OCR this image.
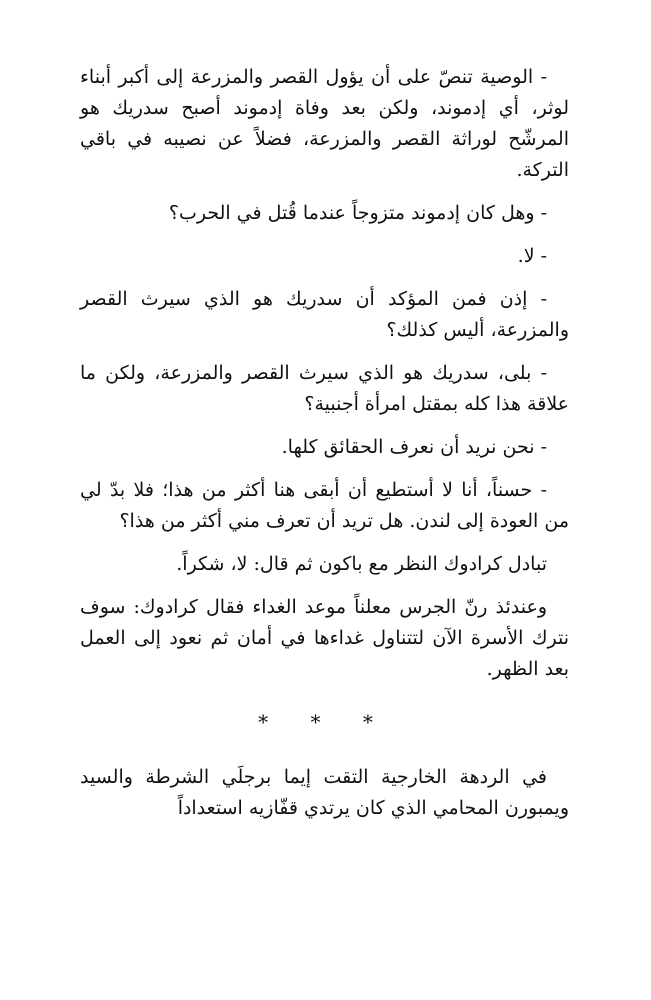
- الوصية تنصّ على أن يؤول القصر والمزرعة إلى أكبر أبناء لوثر، أي إدموند، ولكن بعد وفاة إدموند أصبح سدريك هو المرشّح لوراثة القصر والمزرعة، فضلاً عن نصيبه في باقي التركة.

- وهل كان إدموند متزوجاً عندما قُتل في الحرب؟

- لا.

- إذن فمن المؤكد أن سدريك هو الذي سيرث القصر والمزرعة، أليس كذلك؟

- بلى، سدريك هو الذي سيرث القصر والمزرعة، ولكن ما علاقة هذا كله بمقتل امرأة أجنبية؟

- نحن نريد أن نعرف الحقائق كلها.

- حسناً، أنا لا أستطيع أن أبقى هنا أكثر من هذا؛ فلا بدّ لي من العودة إلى لندن. هل تريد أن تعرف مني أكثر من هذا؟

تبادل كرادوك النظر مع باكون ثم قال: لا، شكراً.

وعندئذ رنّ الجرس معلناً موعد الغداء فقال كرادوك: سوف نترك الأسرة الآن لتتناول غداءها في أمان ثم نعود إلى العمل بعد الظهر.

* * *

في الردهة الخارجية التقت إيما برجلَي الشرطة والسيد ويمبورن المحامي الذي كان يرتدي قفّازيه استعداداً
